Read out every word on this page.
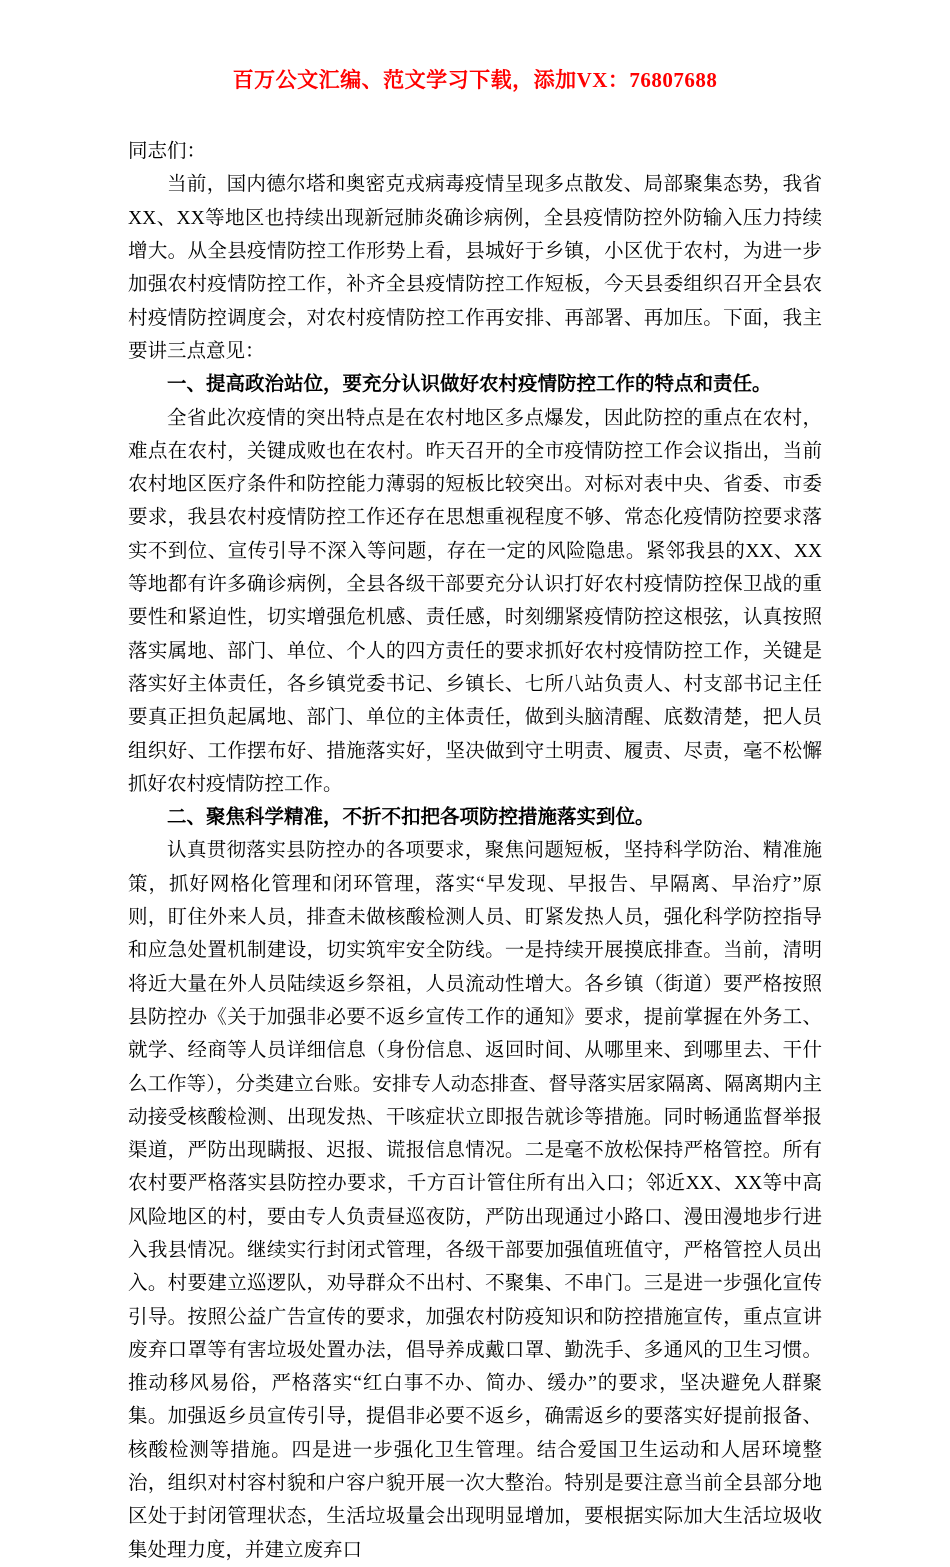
百万公文汇编、范文学习下载，添加VX：76807688

同志们：

当前，国内德尔塔和奥密克戎病毒疫情呈现多点散发、局部聚集态势，我省XX、XX等地区也持续出现新冠肺炎确诊病例，全县疫情防控外防输入压力持续增大。从全县疫情防控工作形势上看，县城好于乡镇，小区优于农村，为进一步加强农村疫情防控工作，补齐全县疫情防控工作短板，今天县委组织召开全县农村疫情防控调度会，对农村疫情防控工作再安排、再部署、再加压。下面，我主要讲三点意见：

一、提高政治站位，要充分认识做好农村疫情防控工作的特点和责任。

全省此次疫情的突出特点是在农村地区多点爆发，因此防控的重点在农村，难点在农村，关键成败也在农村。昨天召开的全市疫情防控工作会议指出，当前农村地区医疗条件和防控能力薄弱的短板比较突出。对标对表中央、省委、市委要求，我县农村疫情防控工作还存在思想重视程度不够、常态化疫情防控要求落实不到位、宣传引导不深入等问题，存在一定的风险隐患。紧邻我县的XX、XX等地都有许多确诊病例，全县各级干部要充分认识打好农村疫情防控保卫战的重要性和紧迫性，切实增强危机感、责任感，时刻绷紧疫情防控这根弦，认真按照落实属地、部门、单位、个人的四方责任的要求抓好农村疫情防控工作，关键是落实好主体责任，各乡镇党委书记、乡镇长、七所八站负责人、村支部书记主任要真正担负起属地、部门、单位的主体责任，做到头脑清醒、底数清楚，把人员组织好、工作摆布好、措施落实好，坚决做到守土明责、履责、尽责，毫不松懈抓好农村疫情防控工作。

二、聚焦科学精准，不折不扣把各项防控措施落实到位。

认真贯彻落实县防控办的各项要求，聚焦问题短板，坚持科学防治、精准施策，抓好网格化管理和闭环管理，落实“早发现、早报告、早隔离、早治疗”原则，盯住外来人员，排查未做核酸检测人员、盯紧发热人员，强化科学防控指导和应急处置机制建设，切实筑牢安全防线。一是持续开展摸底排查。当前，清明将近大量在外人员陆续返乡祭祖，人员流动性增大。各乡镇（街道）要严格按照县防控办《关于加强非必要不返乡宣传工作的通知》要求，提前掌握在外务工、就学、经商等人员详细信息（身份信息、返回时间、从哪里来、到哪里去、干什么工作等），分类建立台账。安排专人动态排查、督导落实居家隔离、隔离期内主动接受核酸检测、出现发热、干咳症状立即报告就诊等措施。同时畅通监督举报渠道，严防出现瞒报、迟报、谎报信息情况。二是毫不放松保持严格管控。所有农村要严格落实县防控办要求，千方百计管住所有出入口；邻近XX、XX等中高风险地区的村，要由专人负责昼巡夜防，严防出现通过小路口、漫田漫地步行进入我县情况。继续实行封闭式管理，各级干部要加强值班值守，严格管控人员出入。村要建立巡逻队，劝导群众不出村、不聚集、不串门。三是进一步强化宣传引导。按照公益广告宣传的要求，加强农村防疫知识和防控措施宣传，重点宣讲废弃口罩等有害垃圾处置办法，倡导养成戴口罩、勤洗手、多通风的卫生习惯。推动移风易俗，严格落实“红白事不办、简办、缓办”的要求，坚决避免人群聚集。加强返乡员宣传引导，提倡非必要不返乡，确需返乡的要落实好提前报备、核酸检测等措施。四是进一步强化卫生管理。结合爱国卫生运动和人居环境整治，组织对村容村貌和户容户貌开展一次大整治。特别是要注意当前全县部分地区处于封闭管理状态，生活垃圾量会出现明显增加，要根据实际加大生活垃圾收集处理力度，并建立废弃口
